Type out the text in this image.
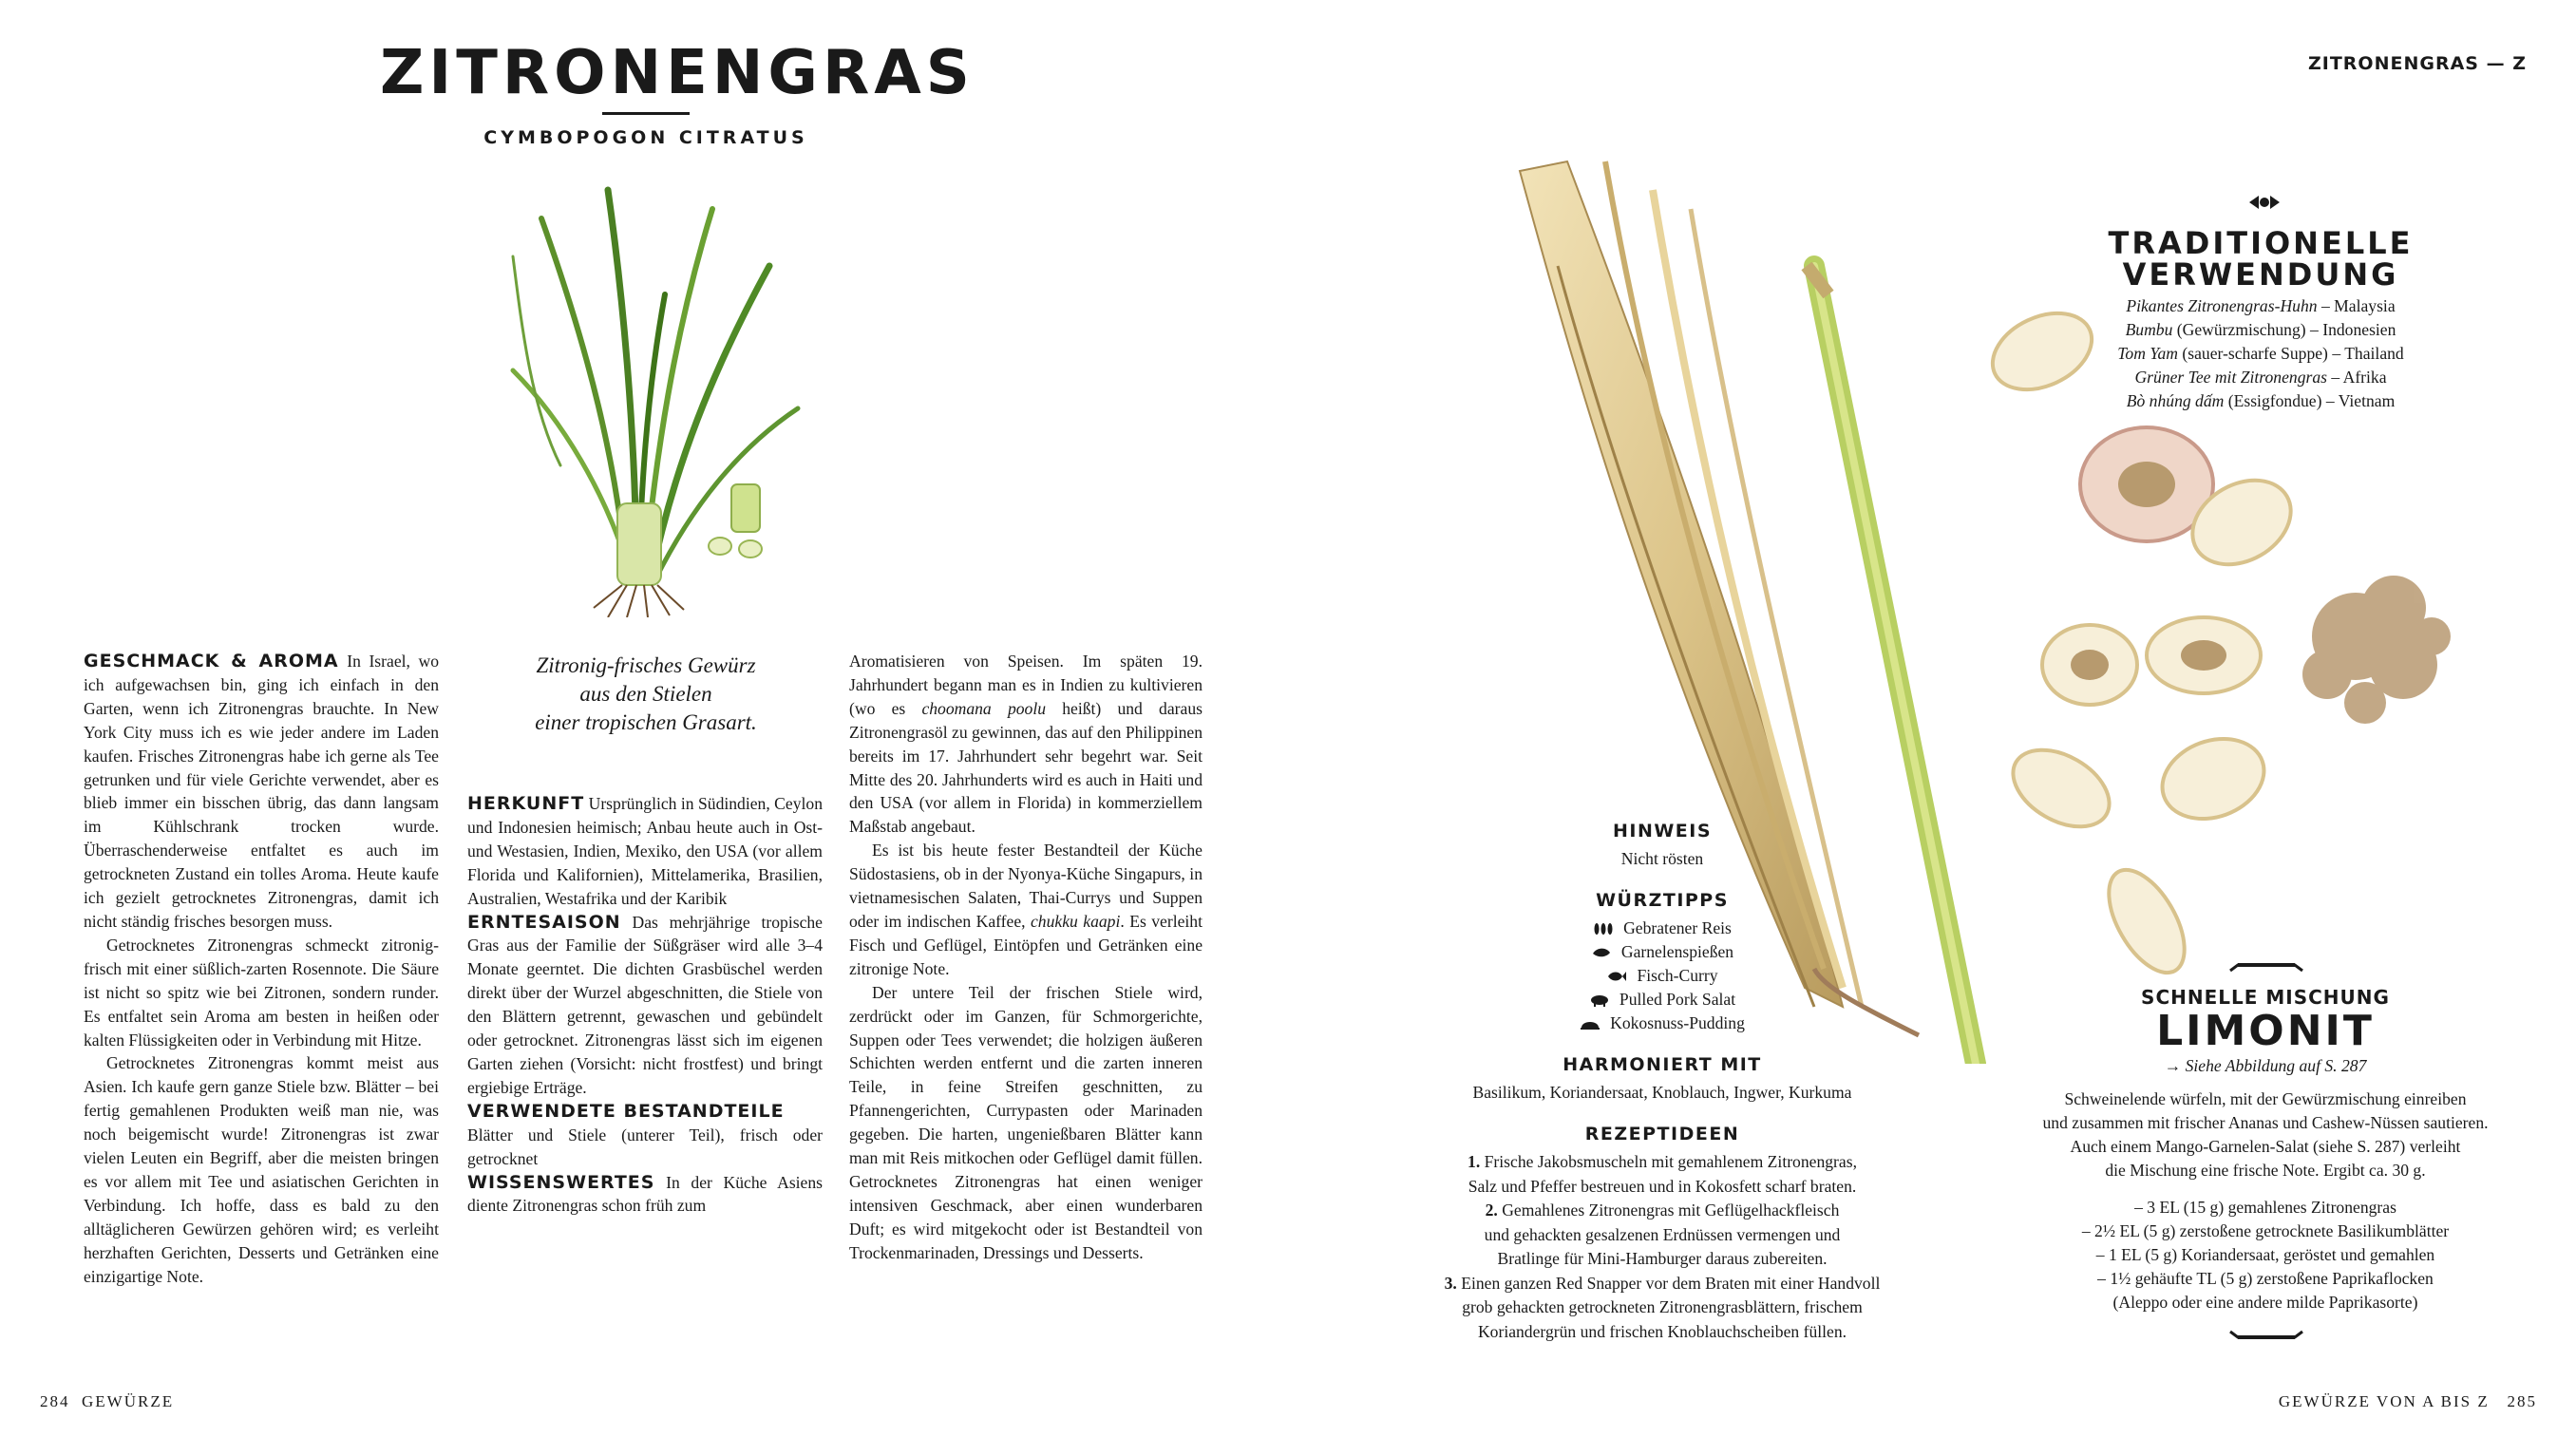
ZITRONENGRAS
CYMBOPOGON CITRATUS
Zitronig-frisches Gewürz
aus den Stielen
einer tropischen Grasart.

GESCHMACK & AROMA In Israel, wo ich aufgewachsen bin, ging ich einfach in den Garten, wenn ich Zitronengras brauchte. In New York City muss ich es wie jeder andere im Laden kaufen. Frisches Zitronengras habe ich gerne als Tee getrunken und für viele Gerichte verwendet, aber es blieb immer ein bisschen übrig, das dann langsam im Kühlschrank trocken wurde. Überraschenderweise entfaltet es auch im getrockneten Zustand ein tolles Aroma. Heute kaufe ich gezielt getrocknetes Zitronengras, damit ich nicht ständig frisches besorgen muss.

Getrocknetes Zitronengras schmeckt zitronig-frisch mit einer süßlich-zarten Rosennote. Die Säure ist nicht so spitz wie bei Zitronen, sondern runder. Es entfaltet sein Aroma am besten in heißen oder kalten Flüssigkeiten oder in Verbindung mit Hitze.

Getrocknetes Zitronengras kommt meist aus Asien. Ich kaufe gern ganze Stiele bzw. Blätter – bei fertig gemahlenen Produkten weiß man nie, was noch beigemischt wurde! Zitronengras ist zwar vielen Leuten ein Begriff, aber die meisten bringen es vor allem mit Tee und asiatischen Gerichten in Verbindung. Ich hoffe, dass es bald zu den alltäglicheren Gewürzen gehören wird; es verleiht herzhaften Gerichten, Desserts und Getränken eine einzigartige Note.

HERKUNFT Ursprünglich in Südindien, Ceylon und Indonesien heimisch; Anbau heute auch in Ost- und Westasien, Indien, Mexiko, den USA (vor allem Florida und Kalifornien), Mittelamerika, Brasilien, Australien, Westafrika und der Karibik

ERNTESAISON Das mehrjährige tropische Gras aus der Familie der Süßgräser wird alle 3–4 Monate geerntet. Die dichten Grasbüschel werden direkt über der Wurzel abgeschnitten, die Stiele von den Blättern getrennt, gewaschen und gebündelt oder getrocknet. Zitronengras lässt sich im eigenen Garten ziehen (Vorsicht: nicht frostfest) und bringt ergiebige Erträge.

VERWENDETE BESTANDTEILE
Blätter und Stiele (unterer Teil), frisch oder getrocknet

WISSENSWERTES In der Küche Asiens diente Zitronengras schon früh zum

Aromatisieren von Speisen. Im späten 19. Jahrhundert begann man es in Indien zu kultivieren (wo es choomana poolu heißt) und daraus Zitronengrasöl zu gewinnen, das auf den Philippinen bereits im 17. Jahrhundert sehr begehrt war. Seit Mitte des 20. Jahrhunderts wird es auch in Haiti und den USA (vor allem in Florida) in kommerziellem Maßstab angebaut.

Es ist bis heute fester Bestandteil der Küche Südostasiens, ob in der Nyonya-Küche Singapurs, in vietnamesischen Salaten, Thai-Currys und Suppen oder im indischen Kaffee, chukku kaapi. Es verleiht Fisch und Geflügel, Eintöpfen und Getränken eine zitronige Note.

Der untere Teil der frischen Stiele wird, zerdrückt oder im Ganzen, für Schmorgerichte, Suppen oder Tees verwendet; die holzigen äußeren Schichten werden entfernt und die zarten inneren Teile, in feine Streifen geschnitten, zu Pfannengerichten, Currypasten oder Marinaden gegeben. Die harten, ungenießbaren Blätter kann man mit Reis mitkochen oder Geflügel damit füllen. Getrocknetes Zitronengras hat einen weniger intensiven Geschmack, aber einen wunderbaren Duft; es wird mitgekocht oder ist Bestandteil von Trockenmarinaden, Dressings und Desserts.

284 GEWÜRZE
ZITRONENGRAS — Z
TRADITIONELLE
VERWENDUNG
Pikantes Zitronengras-Huhn – Malaysia
Bumbu (Gewürzmischung) – Indonesien
Tom Yam (sauer-scharfe Suppe) – Thailand
Grüner Tee mit Zitronengras – Afrika
Bò nhúng dấm (Essigfondue) – Vietnam
HINWEIS
Nicht rösten
WÜRZTIPPS
Gebratener Reis
Garnelenspießen
Fisch-Curry
Pulled Pork Salat
Kokosnuss-Pudding
HARMONIERT MIT
Basilikum, Koriandersaat, Knoblauch, Ingwer, Kurkuma
REZEPTIDEEN
1. Frische Jakobsmuscheln mit gemahlenem Zitronengras,
Salz und Pfeffer bestreuen und in Kokosfett scharf braten.
2. Gemahlenes Zitronengras mit Geflügelhackfleisch
und gehackten gesalzenen Erdnüssen vermengen und
Bratlinge für Mini-Hamburger daraus zubereiten.
3. Einen ganzen Red Snapper vor dem Braten mit einer Handvoll
grob gehackten getrockneten Zitronengrasblättern, frischem
Koriandergrün und frischen Knoblauchscheiben füllen.
SCHNELLE MISCHUNG
LIMONIT
→ Siehe Abbildung auf S. 287
Schweinelende würfeln, mit der Gewürzmischung einreiben
und zusammen mit frischer Ananas und Cashew-Nüssen sautieren.
Auch einem Mango-Garnelen-Salat (siehe S. 287) verleiht
die Mischung eine frische Note. Ergibt ca. 30 g.
– 3 EL (15 g) gemahlenes Zitronengras
– 2½ EL (5 g) zerstoßene getrocknete Basilikumblätter
– 1 EL (5 g) Koriandersaat, geröstet und gemahlen
– 1½ gehäufte TL (5 g) zerstoßene Paprikaflocken
(Aleppo oder eine andere milde Paprikasorte)
GEWÜRZE VON A BIS Z 285
